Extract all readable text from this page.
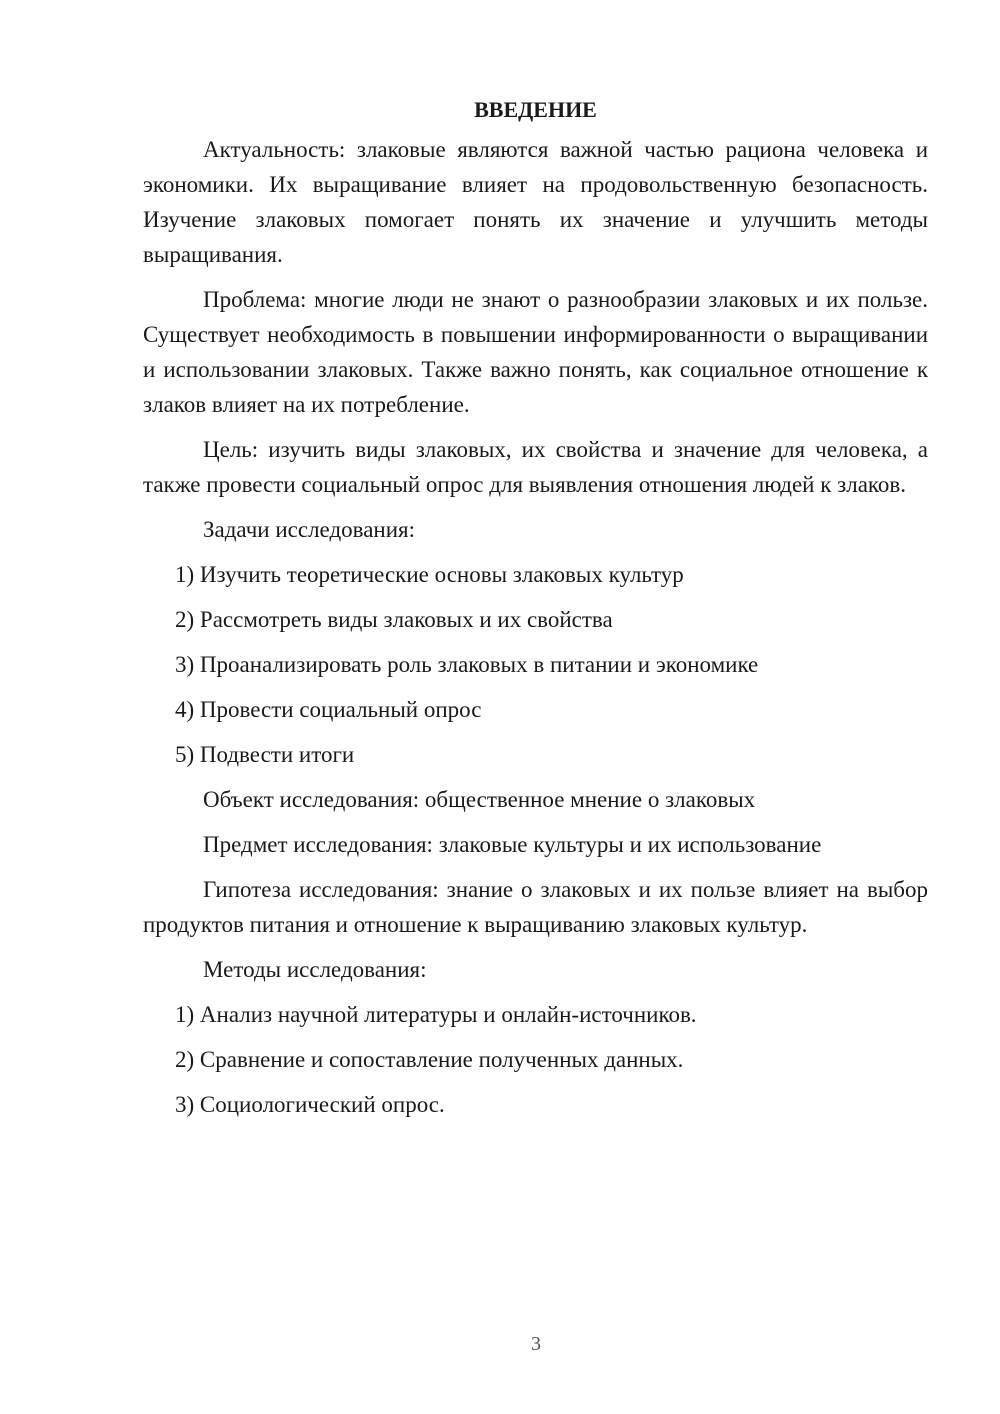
ВВЕДЕНИЕ

Актуальность: злаковые являются важной частью рациона человека и экономики. Их выращивание влияет на продовольственную безопасность. Изучение злаковых помогает понять их значение и улучшить методы выращивания.

Проблема: многие люди не знают о разнообразии злаковых и их пользе. Существует необходимость в повышении информированности о выращивании и использовании злаковых. Также важно понять, как социальное отношение к злаков влияет на их потребление.

Цель: изучить виды злаковых, их свойства и значение для человека, а также провести социальный опрос для выявления отношения людей к злаков.

Задачи исследования:

1) Изучить теоретические основы злаковых культур

2) Рассмотреть виды злаковых и их свойства

3) Проанализировать роль злаковых в питании и экономике

4) Провести социальный опрос

5) Подвести итоги

Объект исследования: общественное мнение о злаковых

Предмет исследования: злаковые культуры и их использование

Гипотеза исследования: знание о злаковых и их пользе влияет на выбор продуктов питания и отношение к выращиванию злаковых культур.

Методы исследования:

1) Анализ научной литературы и онлайн-источников.

2) Сравнение и сопоставление полученных данных.

3) Социологический опрос.

3
